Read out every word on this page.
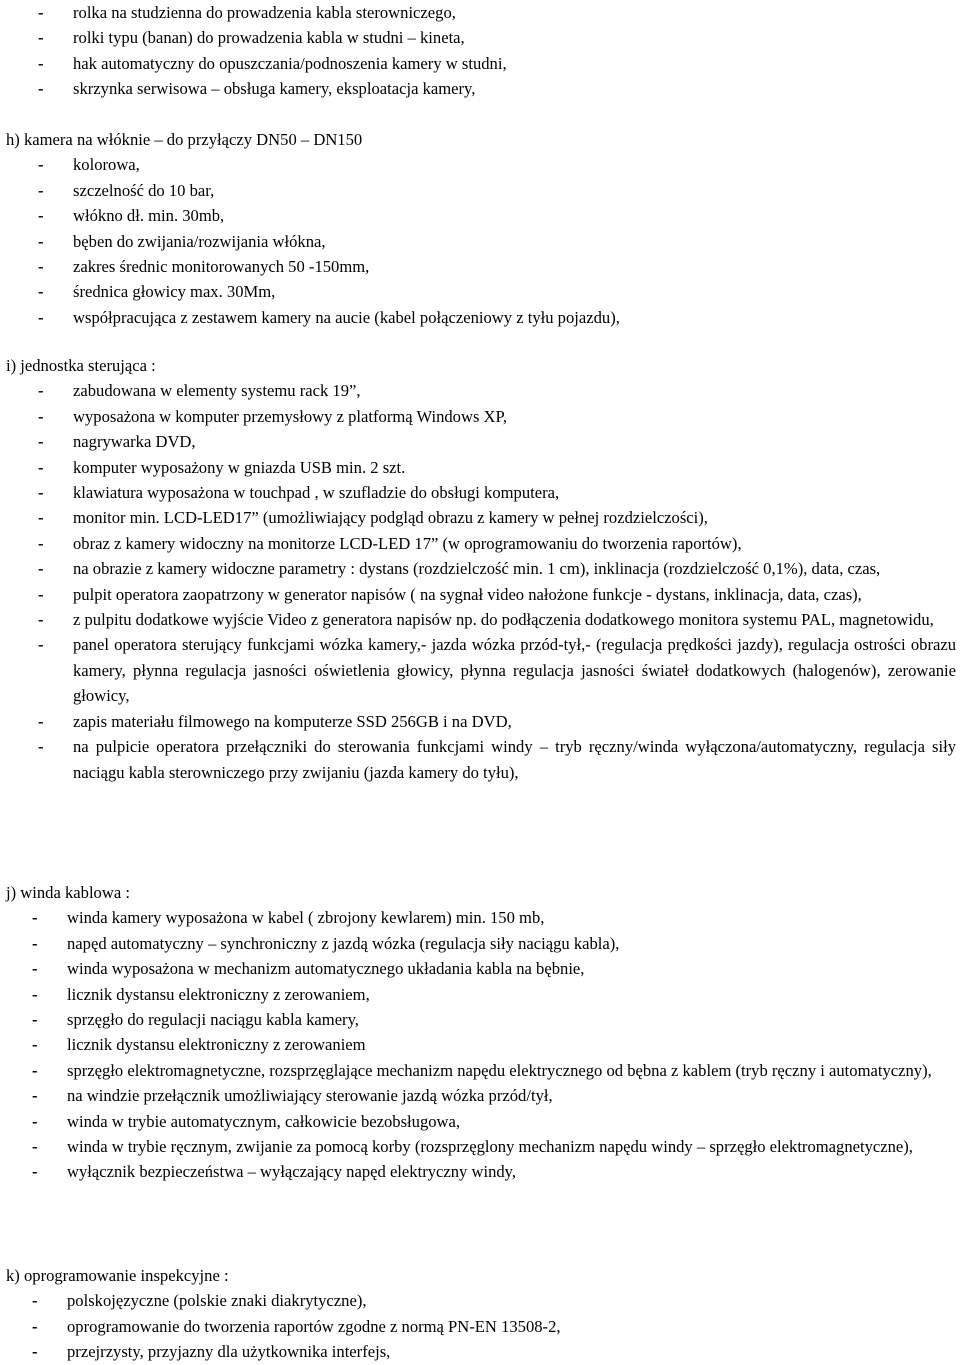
- rolka na studziennа do prowadzenia kabla sterowniczego,
- rolki typu (banan) do prowadzenia kabla w studni – kineta,
- hak automatyczny do opuszczania/podnoszenia kamery w studni,
- skrzynka serwisowa – obsługa kamery, eksploatacja kamery,
h) kamera na włóknie – do przyłączy DN50 – DN150
- kolorowa,
- szczelność do 10 bar,
- włókno dł. min. 30mb,
- bęben do zwijania/rozwijania włókna,
- zakres średnic monitorowanych 50 -150mm,
- średnica głowicy max. 30Mm,
- współpracująca z zestawem kamery na aucie (kabel połączeniowy z tyłu pojazdu),
i) jednostka sterująca :
- zabudowana w elementy systemu rack 19”,
- wyposażona w komputer przemysłowy z platformą Windows XP,
- nagrywarka DVD,
- komputer wyposażony w gniazda USB min. 2 szt.
- klawiatura wyposażona w touchpad , w szufladzie do obsługi komputera,
- monitor min. LCD-LED17” (umożliwiający podgląd obrazu z kamery w pełnej rozdzielczości),
- obraz z kamery widoczny na monitorze LCD-LED 17” (w oprogramowaniu do tworzenia raportów),
- na obrazie z kamery widoczne parametry : dystans (rozdzielczość min. 1 cm), inklinacja (rozdzielczość 0,1%), data, czas,
- pulpit operatora zaopatrzony w generator napisów ( na sygnał video nałożone funkcje - dystans, inklinacja, data, czas),
- z pulpitu dodatkowe wyjście Video z generatora napisów np. do podłączenia dodatkowego monitora systemu PAL, magnetowidu,
- panel operatora sterujący funkcjami wózka kamery,- jazda wózka przód-tył,- (regulacja prędkości jazdy), regulacja ostrości obrazu kamery, płynna regulacja jasności oświetlenia głowicy, płynna regulacja jasności świateł dodatkowych (halogenów), zerowanie głowicy,
- zapis materiału filmowego na komputerze SSD 256GB i na DVD,
- na pulpicie operatora przełączniki do sterowania funkcjami windy – tryb ręczny/winda wyłączona/automatyczny, regulacja siły naciągu kabla sterowniczego przy zwijaniu (jazda kamery do tyłu),
j) winda kablowa :
- winda kamery wyposażona w kabel ( zbrojony kewlarem) min. 150 mb,
- napęd automatyczny – synchroniczny z jazdą wózka (regulacja siły naciągu kabla),
- winda wyposażona w mechanizm automatycznego układania kabla na bębnie,
- licznik dystansu elektroniczny z zerowaniem,
- sprzęgło do regulacji naciągu kabla kamery,
- licznik dystansu elektroniczny z zerowaniem
- sprzęgło elektromagnetyczne, rozsprzęglające mechanizm napędu elektrycznego od bębna z kablem (tryb ręczny i automatyczny),
- na windzie przełącznik umożliwiający sterowanie jazdą wózka przód/tył,
- winda w trybie automatycznym, całkowicie bezobsługowa,
- winda w trybie ręcznym, zwijanie za pomocą korby (rozsprzęglony mechanizm napędu windy – sprzęgło elektromagnetyczne),
- wyłącznik bezpieczeństwa – wyłączający napęd elektryczny windy,
k) oprogramowanie inspekcyjne :
- polskojęzyczne (polskie znaki diakrytyczne),
- oprogramowanie do tworzenia raportów zgodne z normą PN-EN 13508-2,
- przejrzysty, przyjazny dla użytkownika interfejs,
